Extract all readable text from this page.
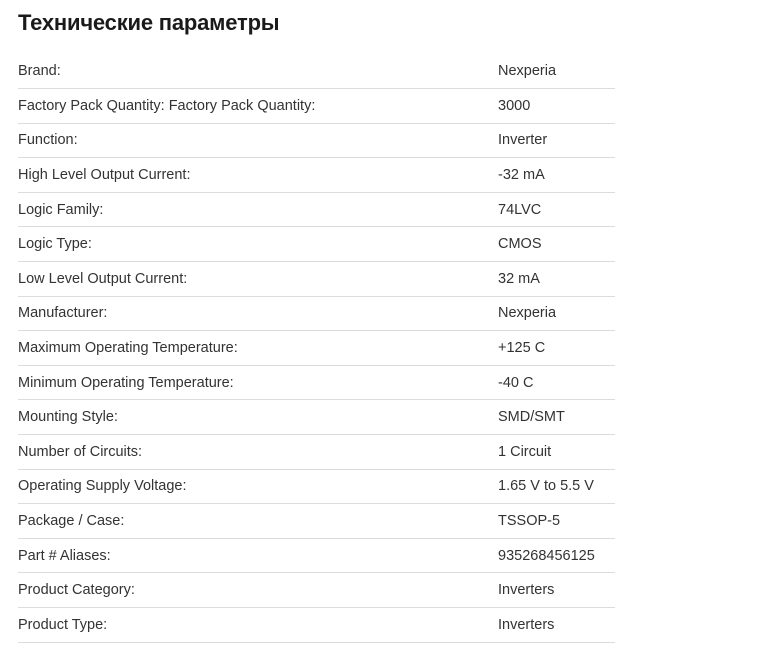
Технические параметры
Brand:	Nexperia
Factory Pack Quantity: Factory Pack Quantity:	3000
Function:	Inverter
High Level Output Current:	-32 mA
Logic Family:	74LVC
Logic Type:	CMOS
Low Level Output Current:	32 mA
Manufacturer:	Nexperia
Maximum Operating Temperature:	+125 C
Minimum Operating Temperature:	-40 C
Mounting Style:	SMD/SMT
Number of Circuits:	1 Circuit
Operating Supply Voltage:	1.65 V to 5.5 V
Package / Case:	TSSOP-5
Part # Aliases:	935268456125
Product Category:	Inverters
Product Type:	Inverters
